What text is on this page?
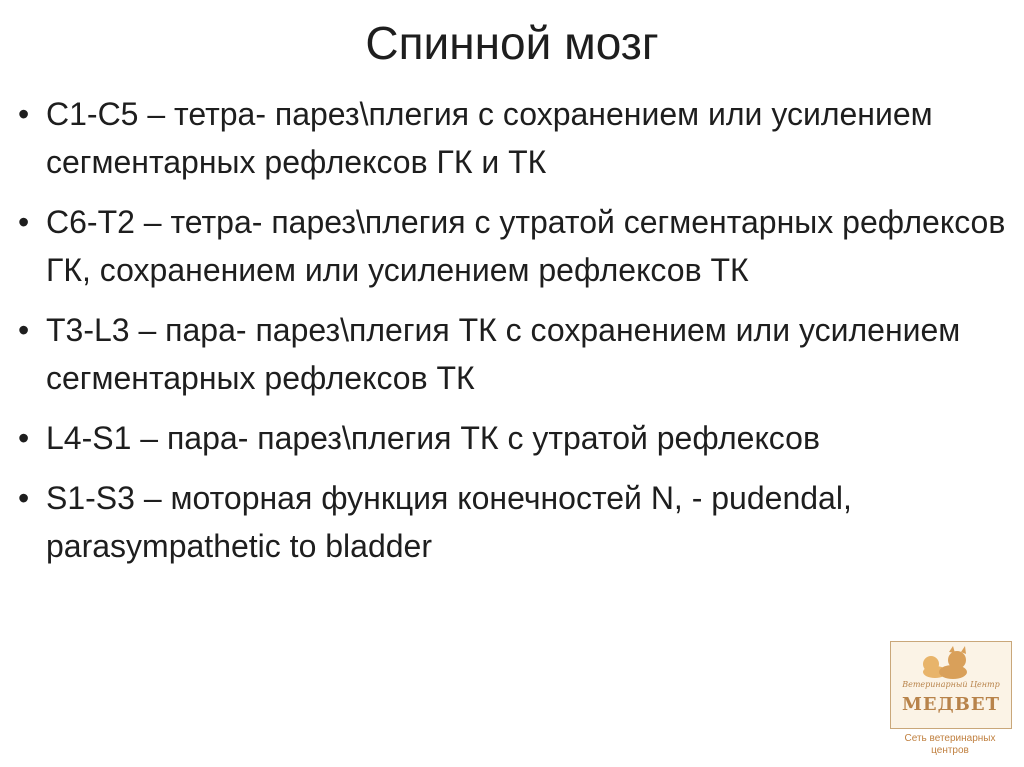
Спинной мозг
• С1-С5 – тетра- парез\плегия с сохранением или усилением сегментарных рефлексов ГК и ТК
• С6-Т2 – тетра- парез\плегия с утратой сегментарных рефлексов ГК, сохранением или усилением рефлексов ТК
• Т3-L3 – пара- парез\плегия ТК с сохранением или усилением сегментарных рефлексов ТК
• L4-S1 – пара- парез\плегия ТК с утратой рефлексов
• S1-S3 – моторная функция конечностей N, - pudendal, parasympathetic to bladder
Ветеринарный Центр
МЕДВЕТ
Сеть ветеринарных
центров
